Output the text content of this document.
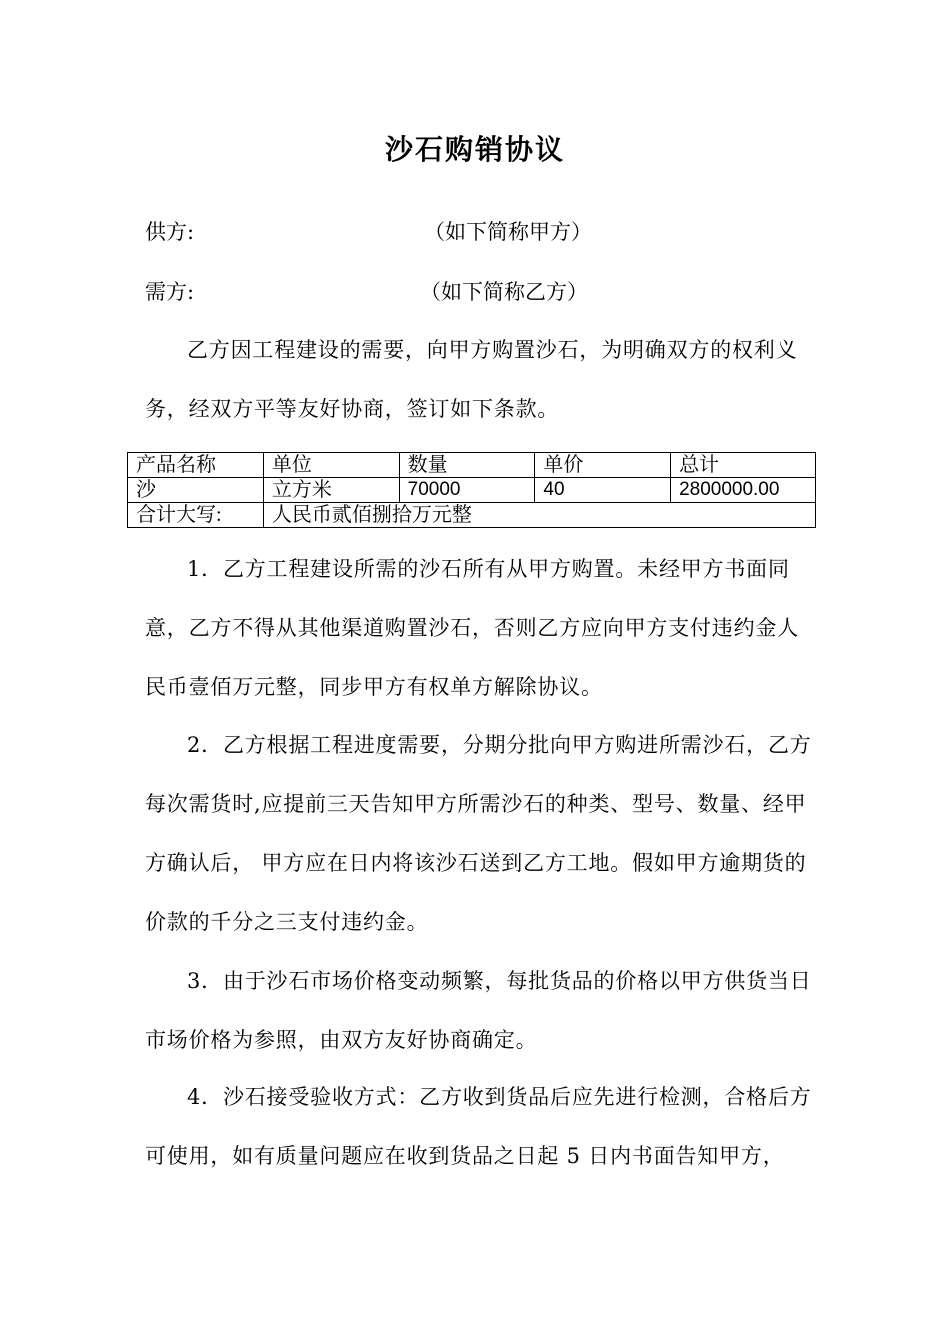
沙石购销协议
供方:	（如下简称甲方）
需方:	（如下简称乙方）
乙方因工程建设的需要，向甲方购置沙石，为明确双方的权利义务，经双方平等友好协商，签订如下条款。
产品名称	单位	数量	单价	总计
沙	立方米	70000	40	2800000.00
合计大写:	人民币贰佰捌拾万元整			
1．乙方工程建设所需的沙石所有从甲方购置。未经甲方书面同意，乙方不得从其他渠道购置沙石，否则乙方应向甲方支付违约金人民币壹佰万元整，同步甲方有权单方解除协议。
2．乙方根据工程进度需要，分期分批向甲方购进所需沙石，乙方每次需货时,应提前三天告知甲方所需沙石的种类、型号、数量、经甲方确认后， 甲方应在日内将该沙石送到乙方工地。假如甲方逾期货的价款的千分之三支付违约金。
3．由于沙石市场价格变动频繁，每批货品的价格以甲方供货当日市场价格为参照，由双方友好协商确定。
4．沙石接受验收方式：乙方收到货品后应先进行检测，合格后方可使用，如有质量问题应在收到货品之日起 5 日内书面告知甲方，
